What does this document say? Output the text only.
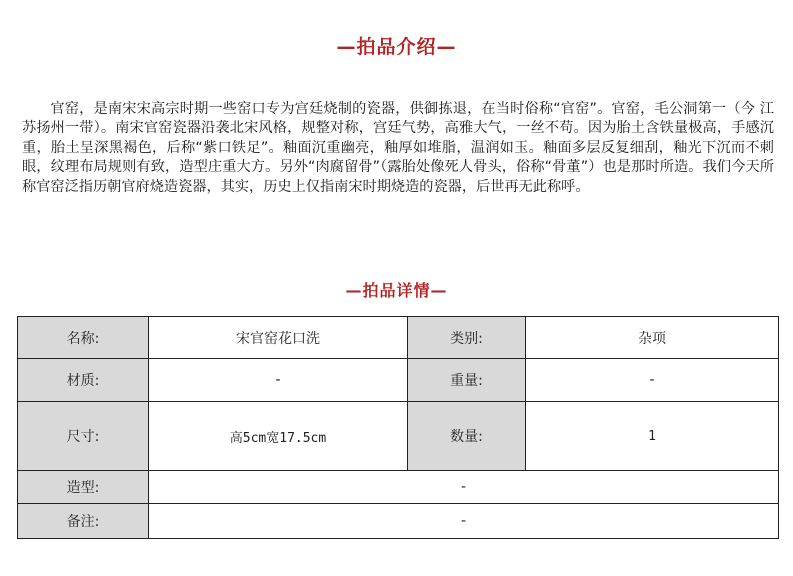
—拍品介绍—

官窑，是南宋宋高宗时期一些窑口专为宫廷烧制的瓷器，供御拣退，在当时俗称“官窑”。官窑，毛公洞第一（今 江苏扬州一带）。南宋官窑瓷器沿袭北宋风格，规整对称，宫廷气势，高雅大气，一丝不苟。因为胎土含铁量极高，手感沉重，胎土呈深黑褐色，后称“紫口铁足”。釉面沉重幽亮，釉厚如堆脂，温润如玉。釉面多层反复细刮，釉光下沉而不刺眼，纹理布局规则有致，造型庄重大方。另外“肉腐留骨”（露胎处像死人骨头，俗称“骨董”）也是那时所造。我们今天所称官窑泛指历朝官府烧造瓷器，其实，历史上仅指南宋时期烧造的瓷器，后世再无此称呼。

—拍品详情—
名称:	宋官窑花口洗	类别:	杂项
材质:	-	重量:	-
尺寸:	高5cm宽17.5cm	数量:	1
造型:	-		
备注:	-		
